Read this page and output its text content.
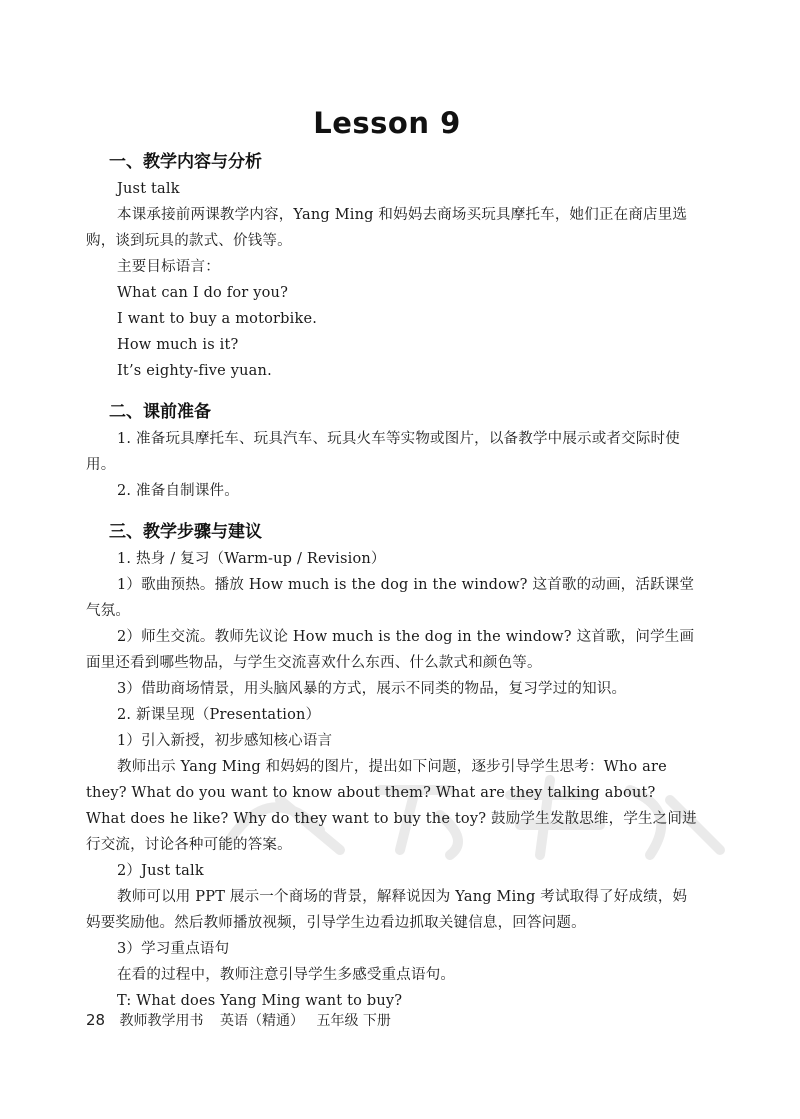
Lesson 9
一、教学内容与分析

Just talk

本课承接前两课教学内容，Yang Ming 和妈妈去商场买玩具摩托车，她们正在商店里选购，谈到玩具的款式、价钱等。

主要目标语言：

What can I do for you?

I want to buy a motorbike.

How much is it?

It’s eighty-five yuan.

二、课前准备

1. 准备玩具摩托车、玩具汽车、玩具火车等实物或图片，以备教学中展示或者交际时使用。

2. 准备自制课件。

三、教学步骤与建议

1. 热身 / 复习（Warm-up / Revision）

1）歌曲预热。播放 How much is the dog in the window? 这首歌的动画，活跃课堂气氛。

2）师生交流。教师先议论 How much is the dog in the window? 这首歌，问学生画面里还看到哪些物品，与学生交流喜欢什么东西、什么款式和颜色等。

3）借助商场情景，用头脑风暴的方式，展示不同类的物品，复习学过的知识。

2. 新课呈现（Presentation）

1）引入新授，初步感知核心语言

教师出示 Yang Ming 和妈妈的图片，提出如下问题，逐步引导学生思考：Who are they? What do you want to know about them? What are they talking about? What does he like? Why do they want to buy the toy? 鼓励学生发散思维，学生之间进行交流，讨论各种可能的答案。

2）Just talk

教师可以用 PPT 展示一个商场的背景，解释说因为 Yang Ming 考试取得了好成绩，妈妈要奖励他。然后教师播放视频，引导学生边看边抓取关键信息，回答问题。

3）学习重点语句

在看的过程中，教师注意引导学生多感受重点语句。

T: What does Yang Ming want to buy?

28 教师教学用书 英语（精通） 五年级 下册
